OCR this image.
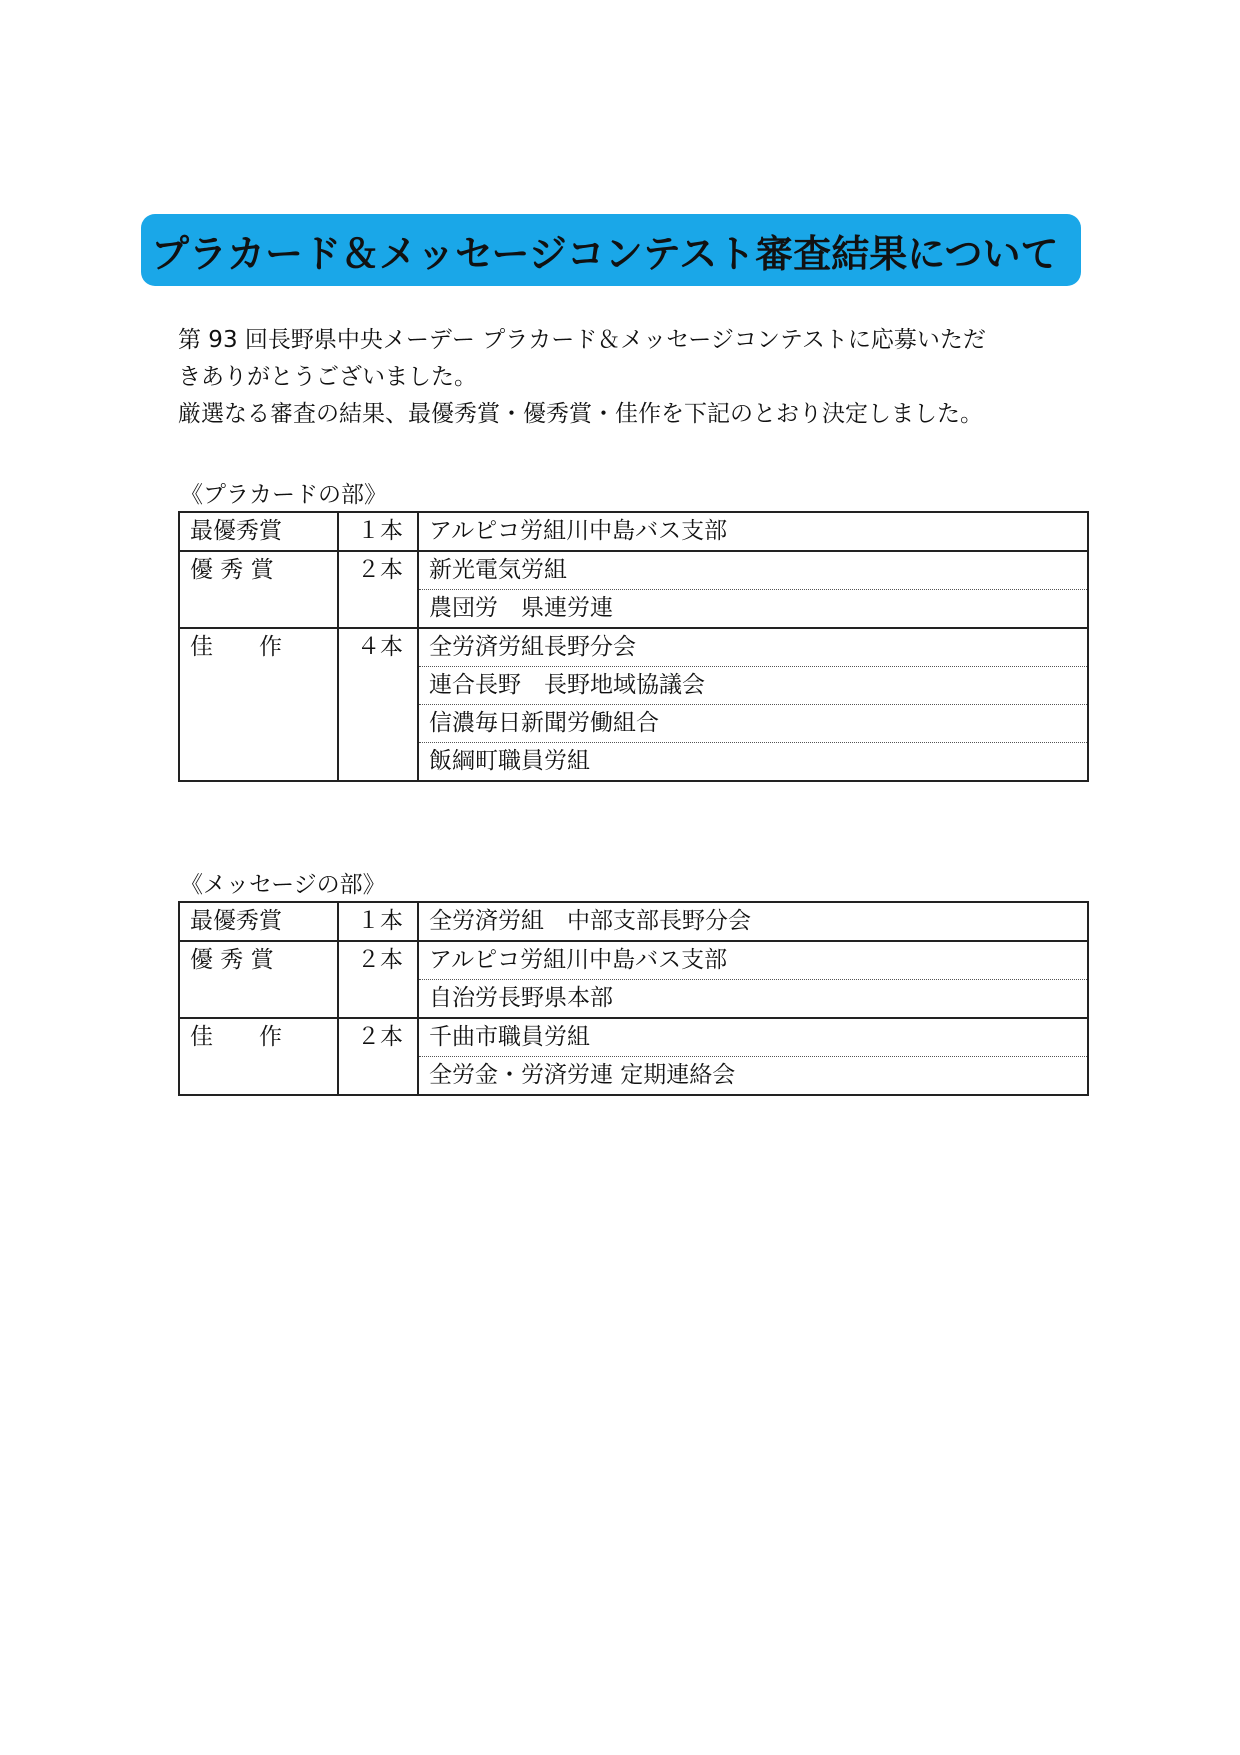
プラカード＆メッセージコンテスト審査結果について

第 93 回長野県中央メーデー プラカード＆メッセージコンテストに応募いただ

きありがとうございました。

厳選なる審査の結果、最優秀賞・優秀賞・佳作を下記のとおり決定しました。

《プラカードの部》
最優秀賞	１本	アルピコ労組川中島バス支部
優 秀 賞	２本	新光電気労組
		農団労　県連労連
佳　　作	４本	全労済労組長野分会
		連合長野　長野地域協議会
		信濃毎日新聞労働組合
		飯綱町職員労組
《メッセージの部》
最優秀賞	１本	全労済労組　中部支部長野分会
優 秀 賞	２本	アルピコ労組川中島バス支部
		自治労長野県本部
佳　　作	２本	千曲市職員労組
		全労金・労済労連 定期連絡会
